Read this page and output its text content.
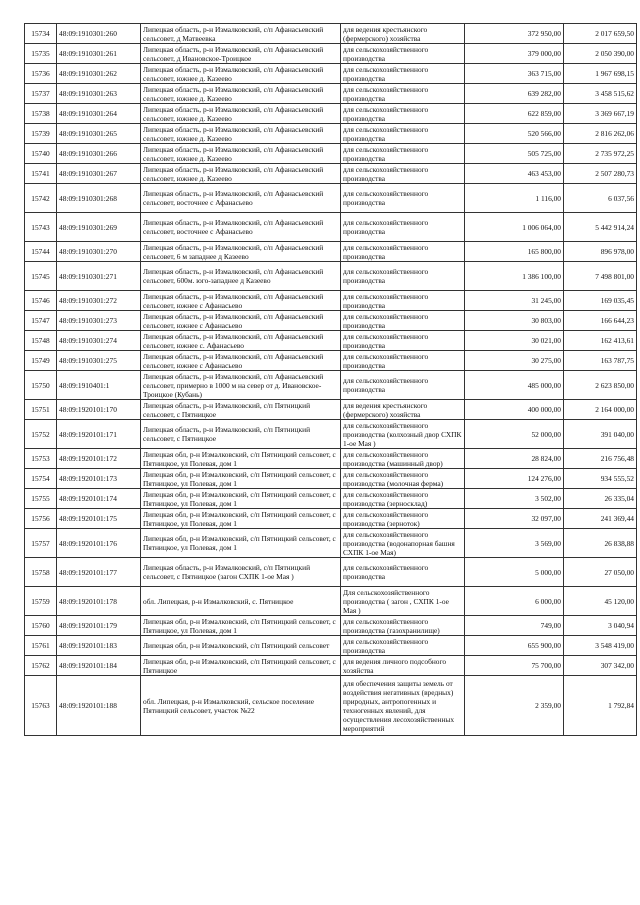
15734	48:09:1910301:260	Липецкая область, р-н Измалковский, с/п Афанасьевский сельсовет, д Матвеевка	для ведения крестьянского (фермерского) хозяйства	372 950,00	2 017 659,50
15735	48:09:1910301:261	Липецкая область, р-н Измалковский, с/п Афанасьевский сельсовет, д Ивановское-Троицкое	для сельскохозяйственного производства	379 000,00	2 050 390,00
15736	48:09:1910301:262	Липецкая область, р-н Измалковский, с/п Афанасьевский сельсовет, южнее д. Казеево	для сельскохозяйственного производства	363 715,00	1 967 698,15
15737	48:09:1910301:263	Липецкая область, р-н Измалковский, с/п Афанасьевский сельсовет, южнее д. Казеево	для сельскохозяйственного производства	639 282,00	3 458 515,62
15738	48:09:1910301:264	Липецкая область, р-н Измалковский, с/п Афанасьевский сельсовет, южнее д. Казеево	для сельскохозяйственного производства	622 859,00	3 369 667,19
15739	48:09:1910301:265	Липецкая область, р-н Измалковский, с/п Афанасьевский сельсовет, южнее д. Казеево	для сельскохозяйственного производства	520 566,00	2 816 262,06
15740	48:09:1910301:266	Липецкая область, р-н Измалковский, с/п Афанасьевский сельсовет, южнее д. Казеево	для сельскохозяйственного производства	505 725,00	2 735 972,25
15741	48:09:1910301:267	Липецкая область, р-н Измалковский, с/п Афанасьевский сельсовет, южнее д. Казеево	для сельскохозяйственного производства	463 453,00	2 507 280,73
15742	48:09:1910301:268	Липецкая область, р-н Измалковский, с/п Афанасьевский сельсовет, восточнее с Афанасьево	для сельскохозяйственного производства	1 116,00	6 037,56
15743	48:09:1910301:269	Липецкая область, р-н Измалковский, с/п Афанасьевский сельсовет, восточнее с Афанасьево	для сельскохозяйственного производства	1 006 064,00	5 442 914,24
15744	48:09:1910301:270	Липецкая область, р-н Измалковский, с/п Афанасьевский сельсовет, 6 м западнее д Казеево	для сельскохозяйственного производства	165 800,00	896 978,00
15745	48:09:1910301:271	Липецкая область, р-н Измалковский, с/п Афанасьевский сельсовет, 600м. юго-западнее д Казеево	для сельскохозяйственного производства	1 386 100,00	7 498 801,00
15746	48:09:1910301:272	Липецкая область, р-н Измалковский, с/п Афанасьевский сельсовет, южнее с Афанасьево	для сельскохозяйственного производства	31 245,00	169 035,45
15747	48:09:1910301:273	Липецкая область, р-н Измалковский, с/п Афанасьевский сельсовет, южнее с Афанасьево	для сельскохозяйственного производства	30 803,00	166 644,23
15748	48:09:1910301:274	Липецкая область, р-н Измалковский, с/п Афанасьевский сельсовет, южнее с. Афанасьево	для сельскохозяйственного производства	30 021,00	162 413,61
15749	48:09:1910301:275	Липецкая область, р-н Измалковский, с/п Афанасьевский сельсовет, южнее с Афанасьево	для сельскохозяйственного производства	30 275,00	163 787,75
15750	48:09:1910401:1	Липецкая область, р-н Измалковский, с/п Афанасьевский сельсовет, примерно в 1000 м на север от д. Ивановское-Троицкое (Кубань)	для сельскохозяйственного производства	485 000,00	2 623 850,00
15751	48:09:1920101:170	Липецкая область, р-н Измалковский, с/п Пятницкий сельсовет, с Пятницкое	для ведения крестьянского (фермерского) хозяйства	400 000,00	2 164 000,00
15752	48:09:1920101:171	Липецкая область, р-н Измалковский, с/п Пятницкий сельсовет, с Пятницкое	для сельскохозяйственного производства (колхозный двор СХПК 1-ое Мая )	52 000,00	391 040,00
15753	48:09:1920101:172	Липецкая обл, р-н Измалковский, с/п Пятницкий сельсовет, с Пятницкое, ул Полевая, дом 1	для сельскохозяйственного производства (машинный двор)	28 824,00	216 756,48
15754	48:09:1920101:173	Липецкая обл, р-н Измалковский, с/п Пятницкий сельсовет, с Пятницкое, ул Полевая, дом 1	для сельскохозяйственного производства (молочная ферма)	124 276,00	934 555,52
15755	48:09:1920101:174	Липецкая обл, р-н Измалковский, с/п Пятницкий сельсовет, с Пятницкое, ул Полевая, дом 1	для сельскохозяйственного производства (зерносклад)	3 502,00	26 335,04
15756	48:09:1920101:175	Липецкая обл, р-н Измалковский, с/п Пятницкий сельсовет, с Пятницкое, ул Полевая, дом 1	для сельскохозяйственного производства (зерноток)	32 097,00	241 369,44
15757	48:09:1920101:176	Липецкая обл, р-н Измалковский, с/п Пятницкий сельсовет, с Пятницкое, ул Полевая, дом 1	для сельскохозяйственного производства (водонапорная башня СХПК 1-ое Мая)	3 569,00	26 838,88
15758	48:09:1920101:177	Липецкая область, р-н Измалковский, с/п Пятницкий сельсовет, с Пятницкое (загон СХПК 1-ое Мая )	для сельскохозяйственного производства	5 000,00	27 050,00
15759	48:09:1920101:178	обл. Липецкая, р-н Измалковский, с. Пятницкое	Для сельскохозяйственного производства ( загон , СХПК 1-ое Мая )	6 000,00	45 120,00
15760	48:09:1920101:179	Липецкая обл, р-н Измалковский, с/п Пятницкий сельсовет, с Пятницкое, ул Полевая, дом 1	для сельскохозяйственного производства (газохранилище)	749,00	3 040,94
15761	48:09:1920101:183	Липецкая обл, р-н Измалковский, с/п Пятницкий сельсовет	для сельскохозяйственного производства	655 900,00	3 548 419,00
15762	48:09:1920101:184	Липецкая обл, р-н Измалковский, с/п Пятницкий сельсовет, с Пятницкое	для ведения личного подсобного хозяйства	75 700,00	307 342,00
15763	48:09:1920101:188	обл. Липецкая, р-н Измалковский, сельское поселение Пятницкий сельсовет, участок №22	для обеспечения защиты земель от воздействия негативных (вредных) природных, антропогенных и техногенных явлений, для осуществления лесохозяйственных мероприятий	2 359,00	1 792,84
